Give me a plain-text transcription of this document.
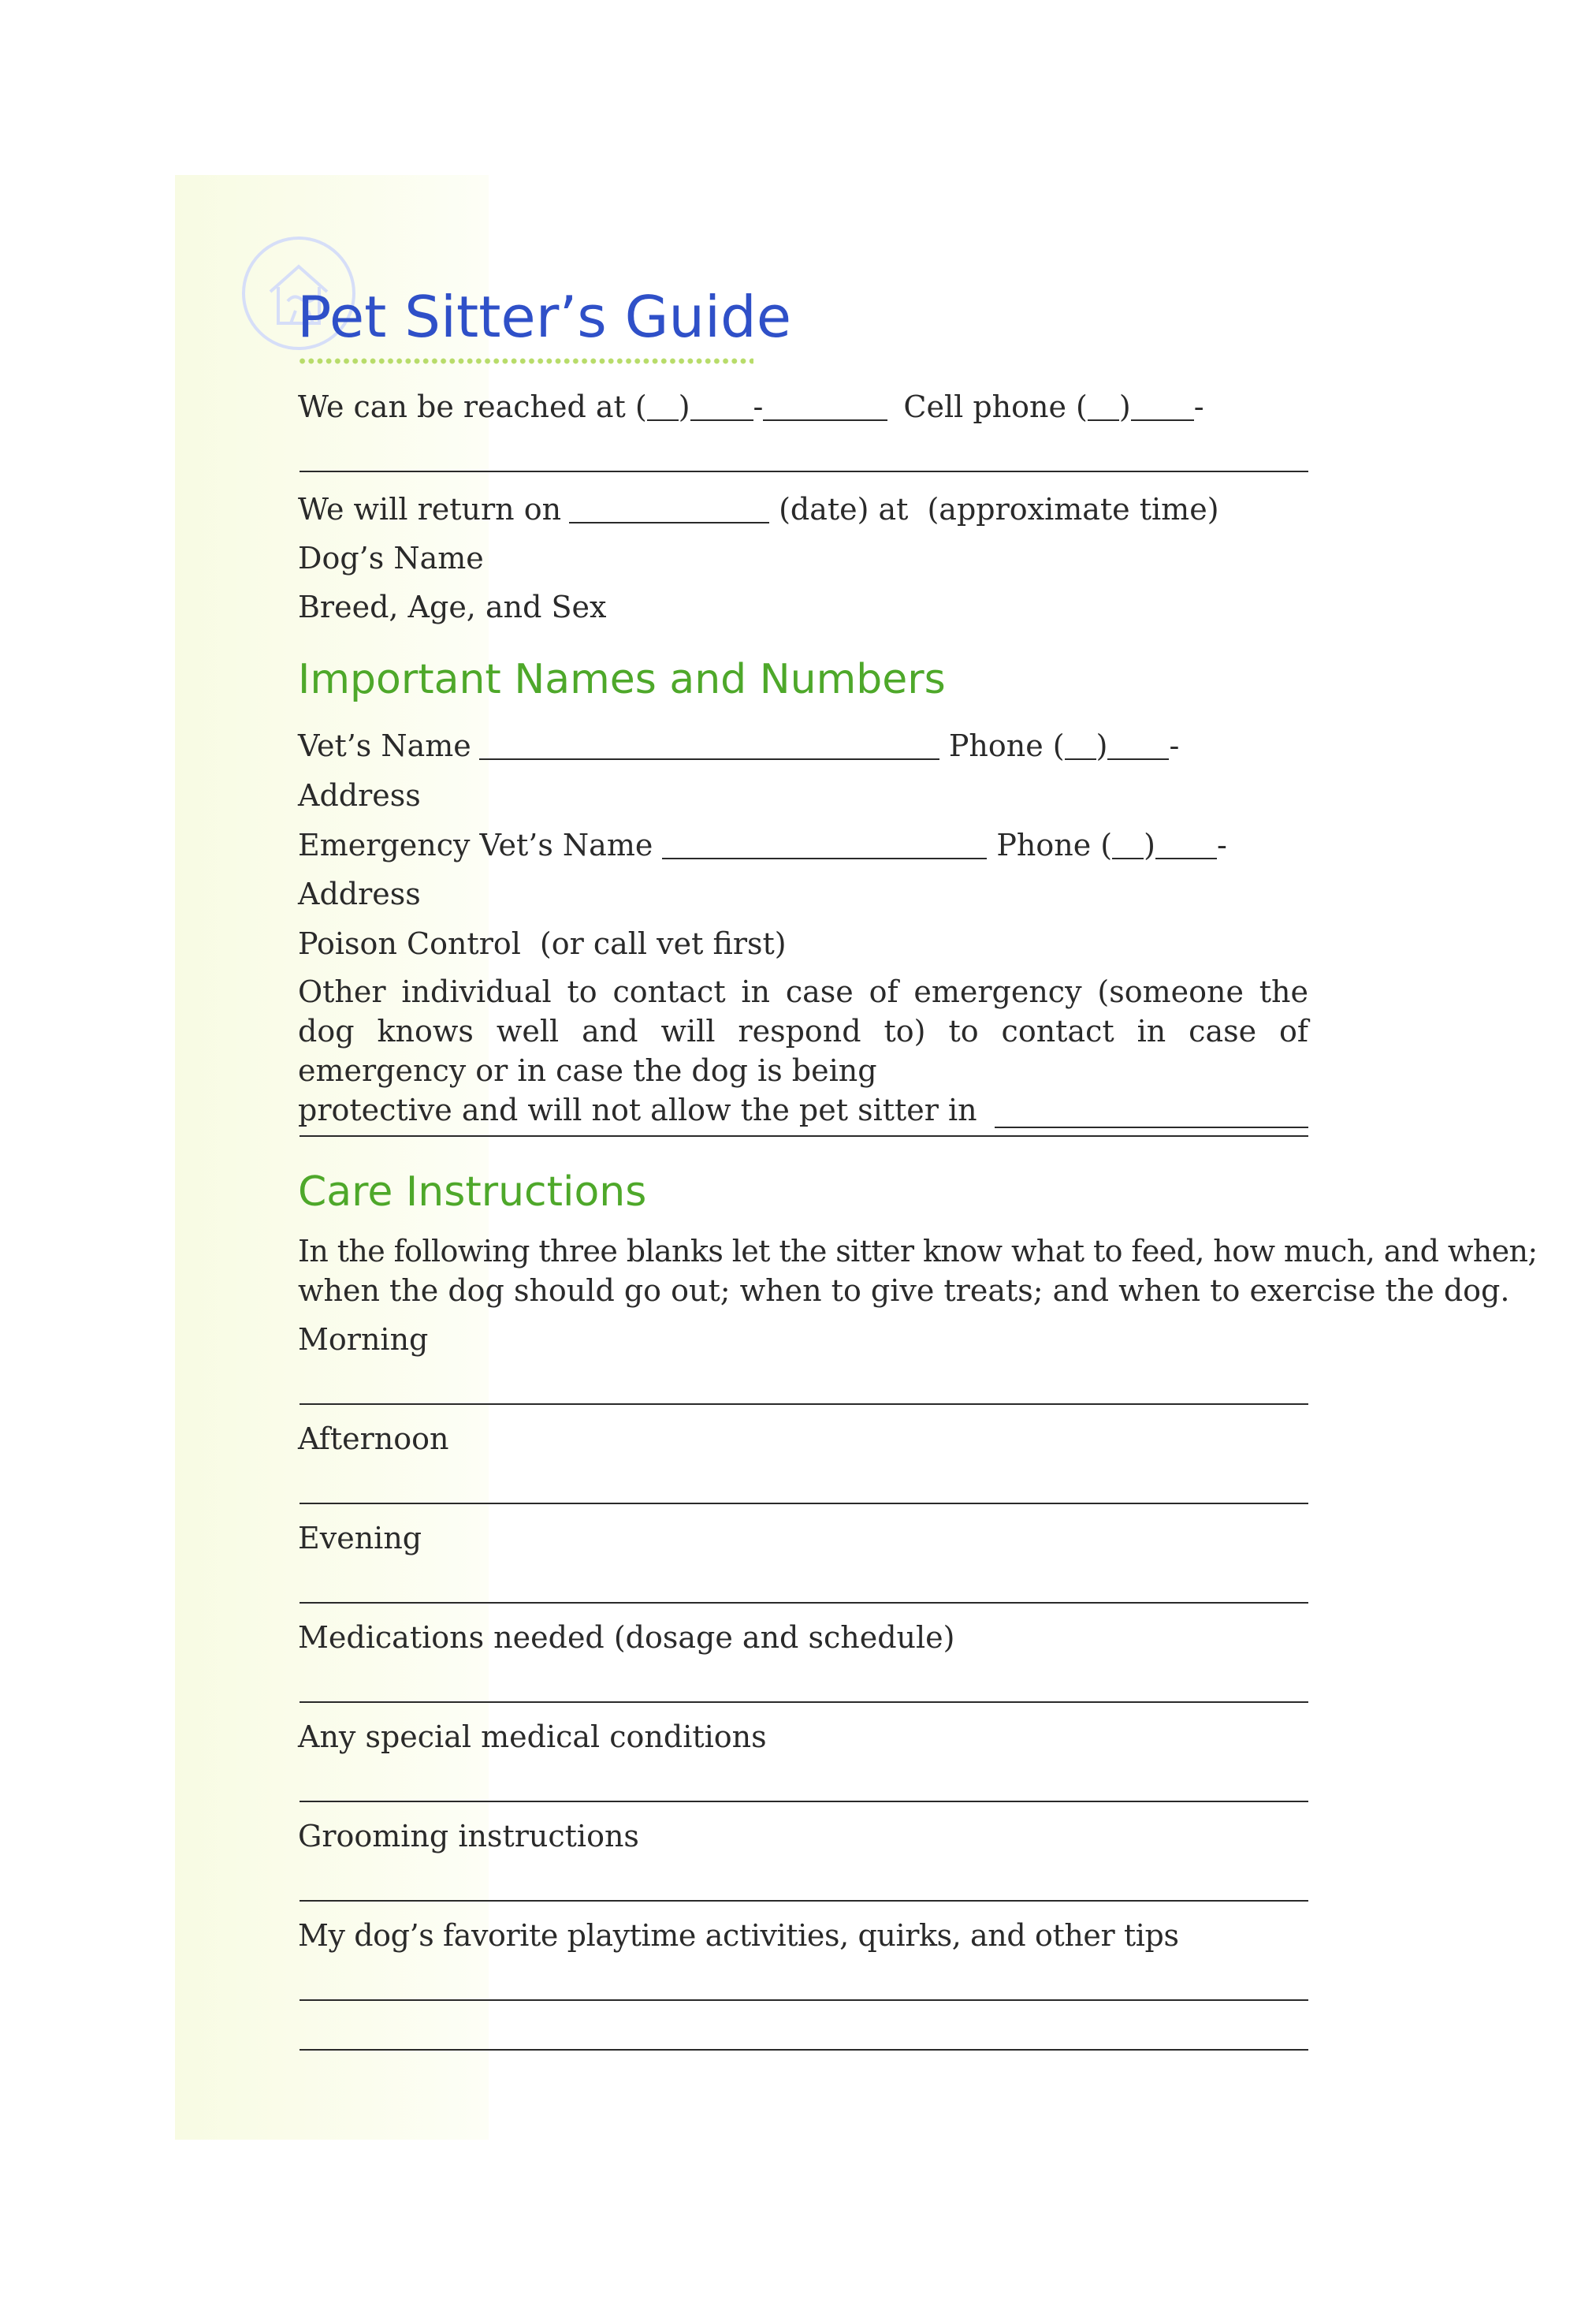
Pet Sitter’s Guide
We can be reached at ( ) -	Cell phone ( ) -
We will return on	(date) at (approximate time)
Dog’s Name
Breed, Age, and Sex
Important Names and Numbers
Vet’s Name	Phone ( ) -
Address
Emergency Vet’s Name	Phone ( ) -
Address
Poison Control (or call vet first)
Other individual to contact in case of emergency (someone the dog knows well and will respond to) to contact in case of emergency or in case the dog is being
protective and will not allow the pet sitter in
Care Instructions
In the following three blanks let the sitter know what to feed, how much, and when;
when the dog should go out; when to give treats; and when to exercise the dog.
Morning
Afternoon
Evening
Medications needed (dosage and schedule)
Any special medical conditions
Grooming instructions
My dog’s favorite playtime activities, quirks, and other tips
